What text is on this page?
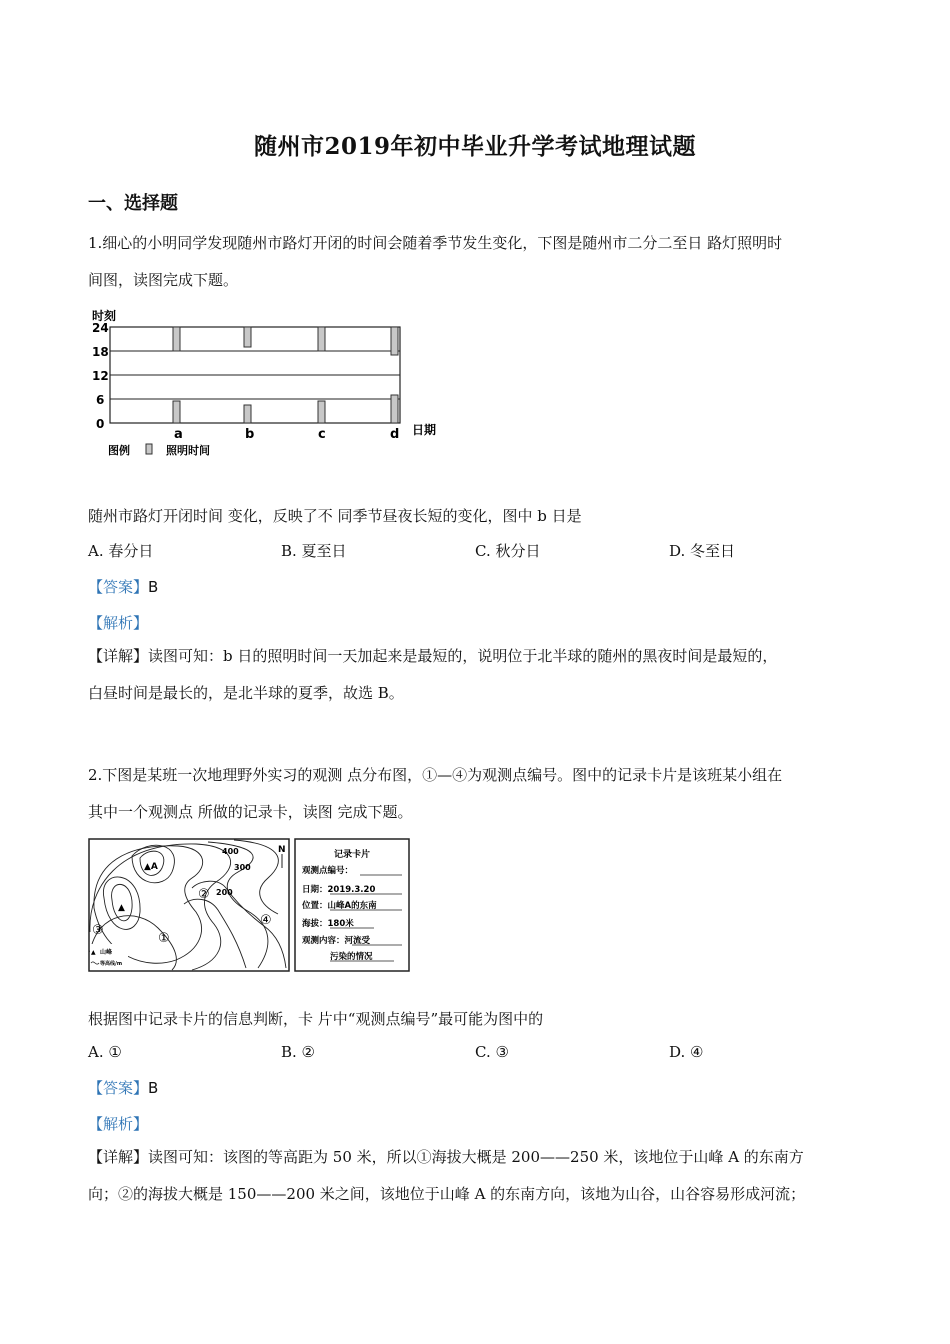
随州市2019年初中毕业升学考试地理试题
一、选择题
1.细心的小明同学发现随州市路灯开闭的时间会随着季节发生变化，下图是随州市二分二至日 路灯照明时
间图，读图完成下题。
时刻
24
18
12
6
0
a	b	c	d 日期
图例	照明时间
随州市路灯开闭时间 变化，反映了不 同季节昼夜长短的变化，图中 b 日是
A. 春分日	B. 夏至日	C. 秋分日	D. 冬至日
【答案】B
【解析】
【详解】读图可知：b 日的照明时间一天加起来是最短的，说明位于北半球的随州的黑夜时间是最短的，
白昼时间是最长的，是北半球的夏季，故选 B。
2.下图是某班一次地理野外实习的观测 点分布图，①—④为观测点编号。图中的记录卡片是该班某小组在
其中一个观测点 所做的记录卡，读图 完成下题。
400
300
200
▲A
▲
N
②
①
③
④
▲ 山峰
等高线/m
记录卡片
观测点编号：
日期：2019.3.20
位置：山峰A的东南
海拔：180米
观测内容：河流受
污染的情况
根据图中记录卡片的信息判断，卡 片中“观测点编号”最可能为图中的
A. ①	B. ②	C. ③	D. ④
【答案】B
【解析】
【详解】读图可知：该图的等高距为 50 米，所以①海拔大概是 200——250 米，该地位于山峰 A 的东南方
向；②的海拔大概是 150——200 米之间，该地位于山峰 A 的东南方向，该地为山谷，山谷容易形成河流；
